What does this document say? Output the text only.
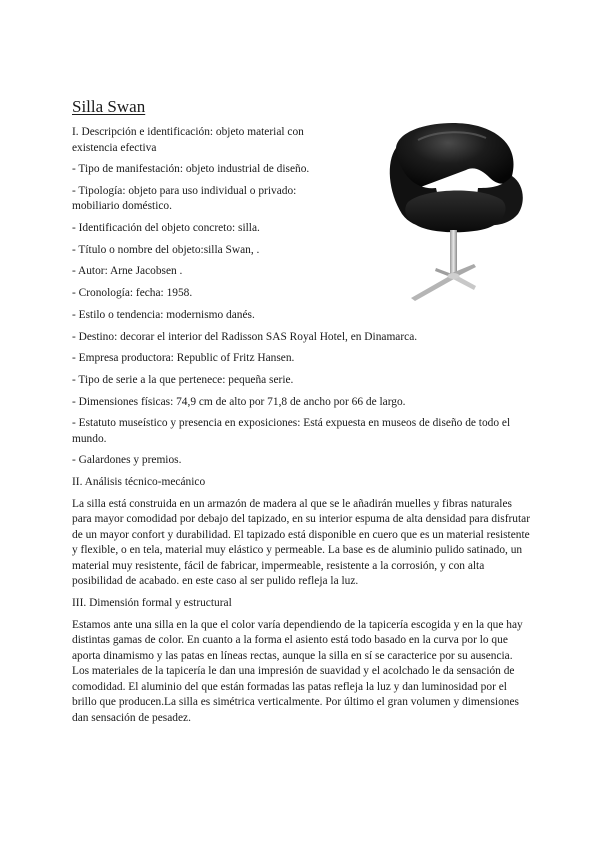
Silla Swan

I. Descripción e identificación: objeto material con existencia efectiva

- Tipo de manifestación: objeto industrial de diseño.

- Tipología: objeto para uso individual o privado: mobiliario doméstico.

- Identificación del objeto concreto: silla.

- Título o nombre del objeto:silla Swan, .

- Autor: Arne Jacobsen .

- Cronología: fecha: 1958.

- Estilo o tendencia: modernismo danés.

- Destino: decorar el interior del Radisson SAS Royal Hotel, en Dinamarca.

- Empresa productora: Republic of Fritz Hansen.

- Tipo de serie a la que pertenece: pequeña serie.

- Dimensiones físicas: 74,9 cm de alto por 71,8 de ancho por 66 de largo.

- Estatuto museístico y presencia en exposiciones: Está expuesta en museos de diseño de todo el mundo.

- Galardones y premios.

II. Análisis técnico-mecánico

La silla está construida en un armazón de madera al que se le añadirán muelles y fibras naturales para mayor comodidad por debajo del tapizado, en su interior espuma de alta densidad para disfrutar de un mayor confort y durabilidad. El tapizado está disponible en cuero que es un material resistente y flexible, o en tela, material muy elástico y permeable. La base es de aluminio pulido satinado, un material muy resistente, fácil de fabricar, impermeable, resistente a la corrosión, y con alta posibilidad de acabado. en este caso al ser pulido refleja la luz.

III. Dimensión formal y estructural

Estamos ante una silla en la que el color varía dependiendo de la tapicería escogida y en la que hay distintas gamas de color. En cuanto a la forma el asiento está todo basado en la curva por lo que aporta dinamismo y las patas en líneas rectas, aunque la silla en sí se caracterice por su ausencia. Los materiales de la tapicería le dan una impresión de suavidad y el acolchado le da sensación de comodidad. El aluminio del que están formadas las patas refleja la luz y dan luminosidad por el brillo que producen.La silla es simétrica verticalmente. Por último el gran volumen y dimensiones dan sensación de pesadez.
